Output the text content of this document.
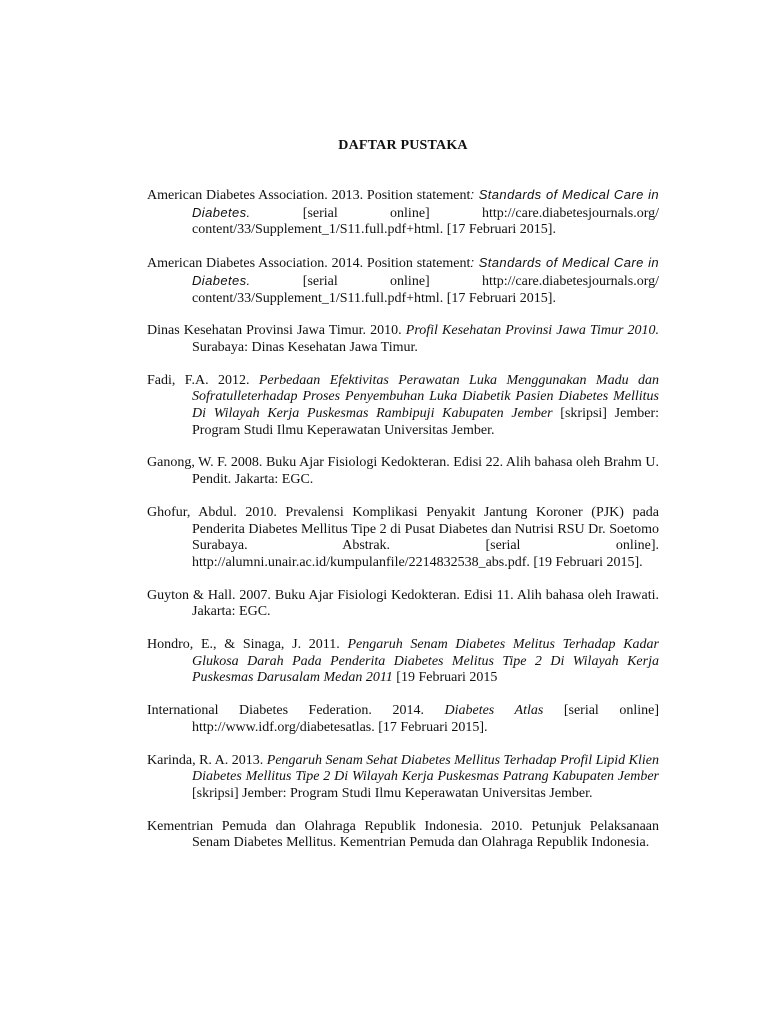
DAFTAR PUSTAKA

American Diabetes Association. 2013. Position statement: Standards of Medical Care in Diabetes. [serial online] http://care.diabetesjournals.org/ content/33/Supplement_1/S11.full.pdf+html. [17 Februari 2015].

American Diabetes Association. 2014. Position statement: Standards of Medical Care in Diabetes. [serial online] http://care.diabetesjournals.org/ content/33/Supplement_1/S11.full.pdf+html. [17 Februari 2015].

Dinas Kesehatan Provinsi Jawa Timur. 2010. Profil Kesehatan Provinsi Jawa Timur 2010. Surabaya: Dinas Kesehatan Jawa Timur.

Fadi, F.A. 2012. Perbedaan Efektivitas Perawatan Luka Menggunakan Madu dan Sofratulleterhadap Proses Penyembuhan Luka Diabetik Pasien Diabetes Mellitus Di Wilayah Kerja Puskesmas Rambipuji Kabupaten Jember [skripsi] Jember: Program Studi Ilmu Keperawatan Universitas Jember.

Ganong, W. F. 2008. Buku Ajar Fisiologi Kedokteran. Edisi 22. Alih bahasa oleh Brahm U. Pendit. Jakarta: EGC.

Ghofur, Abdul. 2010. Prevalensi Komplikasi Penyakit Jantung Koroner (PJK) pada Penderita Diabetes Mellitus Tipe 2 di Pusat Diabetes dan Nutrisi RSU Dr. Soetomo Surabaya. Abstrak. [serial online]. http://alumni.unair.ac.id/kumpulanfile/2214832538_abs.pdf. [19 Februari 2015].

Guyton & Hall. 2007. Buku Ajar Fisiologi Kedokteran. Edisi 11. Alih bahasa oleh Irawati. Jakarta: EGC.

Hondro, E., & Sinaga, J. 2011. Pengaruh Senam Diabetes Melitus Terhadap Kadar Glukosa Darah Pada Penderita Diabetes Melitus Tipe 2 Di Wilayah Kerja Puskesmas Darusalam Medan 2011 [19 Februari 2015

International Diabetes Federation. 2014. Diabetes Atlas [serial online] http://www.idf.org/diabetesatlas. [17 Februari 2015].

Karinda, R. A. 2013. Pengaruh Senam Sehat Diabetes Mellitus Terhadap Profil Lipid Klien Diabetes Mellitus Tipe 2 Di Wilayah Kerja Puskesmas Patrang Kabupaten Jember [skripsi] Jember: Program Studi Ilmu Keperawatan Universitas Jember.

Kementrian Pemuda dan Olahraga Republik Indonesia. 2010. Petunjuk Pelaksanaan Senam Diabetes Mellitus. Kementrian Pemuda dan Olahraga Republik Indonesia.
